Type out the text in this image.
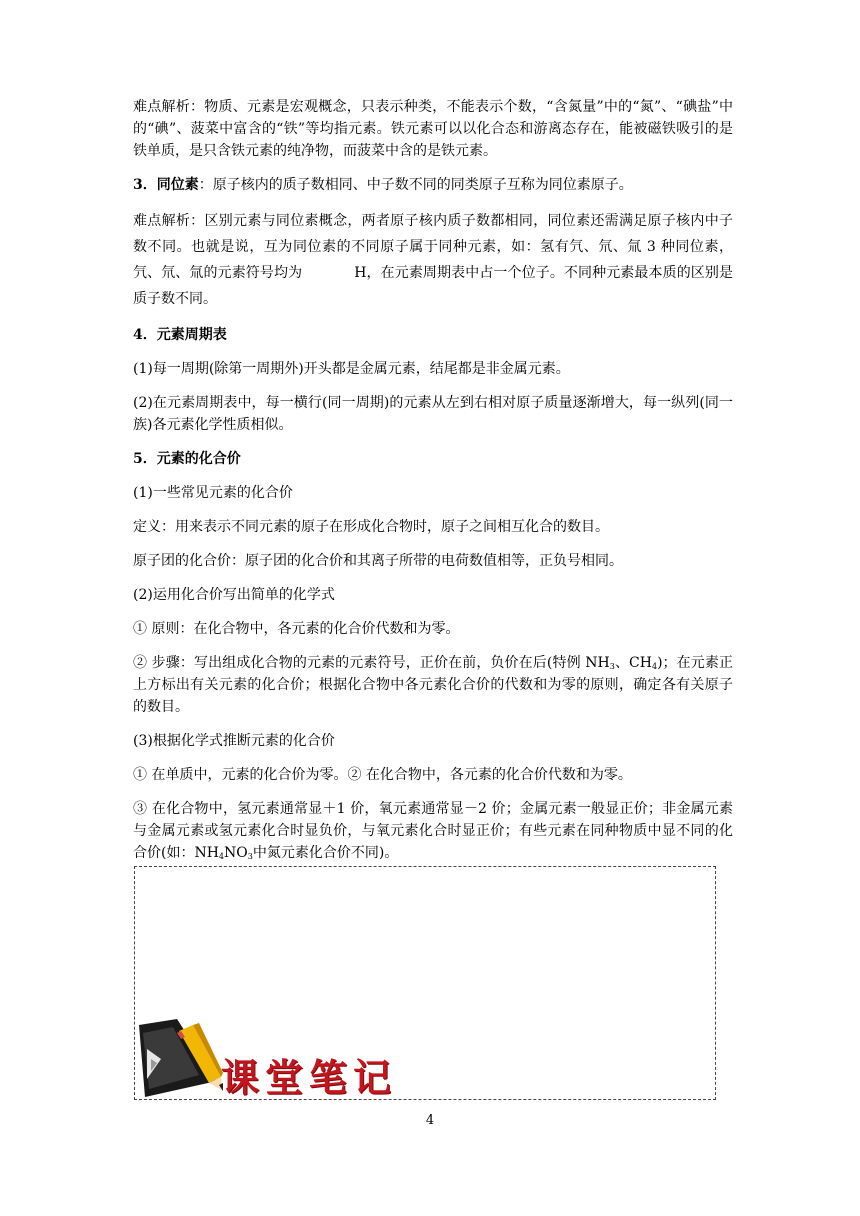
难点解析：物质、元素是宏观概念，只表示种类，不能表示个数，“含氮量”中的“氮”、“碘盐”中的“碘”、菠菜中富含的“铁”等均指元素。铁元素可以以化合态和游离态存在，能被磁铁吸引的是铁单质，是只含铁元素的纯净物，而菠菜中含的是铁元素。

3．同位素：原子核内的质子数相同、中子数不同的同类原子互称为同位素原子。

难点解析：区别元素与同位素概念，两者原子核内质子数都相同，同位素还需满足原子核内中子数不同。也就是说，互为同位素的不同原子属于同种元素，如：氢有氕、氘、氚 3 种同位素，氕、氘、氚的元素符号均为	H，在元素周期表中占一个位子。不同种元素最本质的区别是质子数不同。

4．元素周期表

(1)每一周期(除第一周期外)开头都是金属元素，结尾都是非金属元素。

(2)在元素周期表中，每一横行(同一周期)的元素从左到右相对原子质量逐渐增大，每一纵列(同一族)各元素化学性质相似。

5．元素的化合价

(1)一些常见元素的化合价

定义：用来表示不同元素的原子在形成化合物时，原子之间相互化合的数目。

原子团的化合价：原子团的化合价和其离子所带的电荷数值相等，正负号相同。

(2)运用化合价写出简单的化学式

① 原则：在化合物中，各元素的化合价代数和为零。

② 步骤：写出组成化合物的元素的元素符号，正价在前，负价在后(特例 $NH_3$、$CH_4$)；在元素正上方标出有关元素的化合价；根据化合物中各元素化合价的代数和为零的原则，确定各有关原子的数目。

(3)根据化学式推断元素的化合价

① 在单质中，元素的化合价为零。② 在化合物中，各元素的化合价代数和为零。

③ 在化合物中，氢元素通常显＋1 价，氧元素通常显－2 价；金属元素一般显正价；非金属元素与金属元素或氢元素化合时显负价，与氧元素化合时显正价；有些元素在同种物质中显不同的化合价(如：$NH_4NO_3$中氮元素化合价不同)。

课堂笔记
4
